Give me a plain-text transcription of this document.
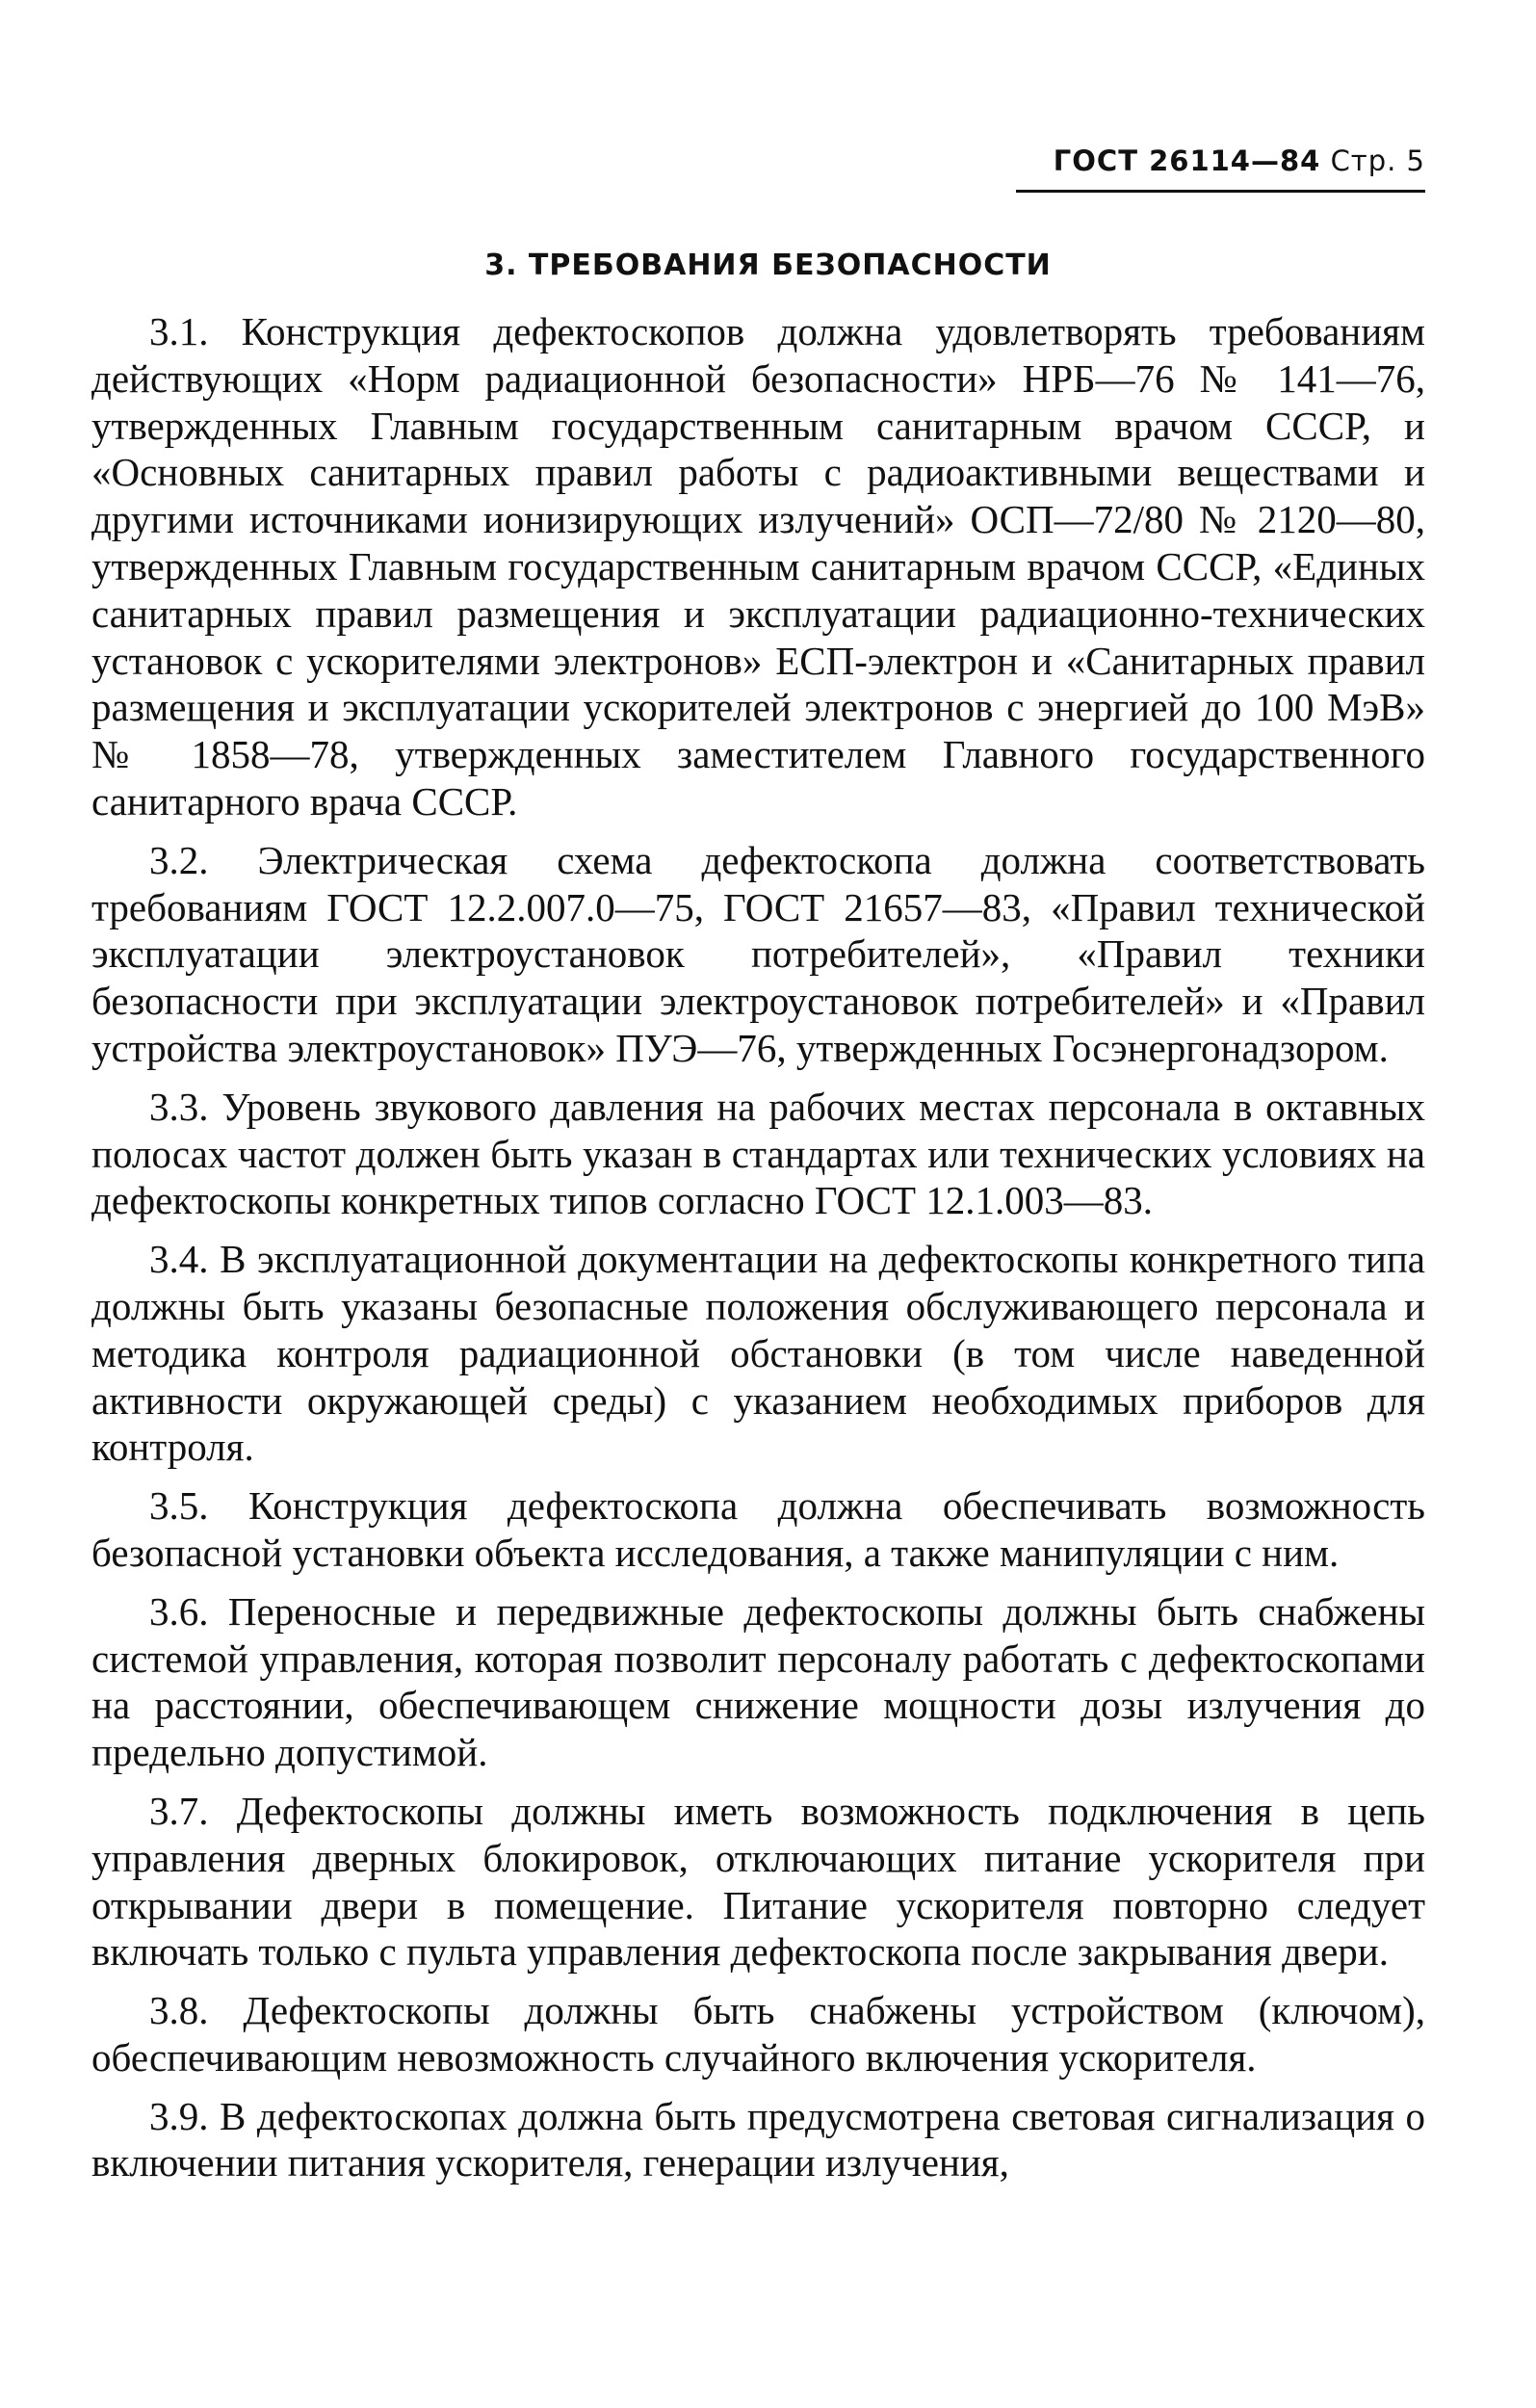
ГОСТ 26114—84 Стр. 5
3. ТРЕБОВАНИЯ БЕЗОПАСНОСТИ

3.1. Конструкция дефектоскопов должна удовлетворять требованиям действующих «Норм радиационной безопасности» НРБ—76 № 141—76, утвержденных Главным государственным санитарным врачом СССР, и «Основных санитарных правил работы с радиоактивными веществами и другими источниками ионизирующих излучений» ОСП—72/80 № 2120—80, утвержденных Главным государственным санитарным врачом СССР, «Единых санитарных правил размещения и эксплуатации радиационно-технических установок с ускорителями электронов» ЕСП-электрон и «Санитарных правил размещения и эксплуатации ускорителей электронов с энергией до 100 МэВ» № 1858—78, утвержденных заместителем Главного государственного санитарного врача СССР.

3.2. Электрическая схема дефектоскопа должна соответствовать требованиям ГОСТ 12.2.007.0—75, ГОСТ 21657—83, «Правил технической эксплуатации электроустановок потребителей», «Правил техники безопасности при эксплуатации электроустановок потребителей» и «Правил устройства электроустановок» ПУЭ—76, утвержденных Госэнергонадзором.

3.3. Уровень звукового давления на рабочих местах персонала в октавных полосах частот должен быть указан в стандартах или технических условиях на дефектоскопы конкретных типов согласно ГОСТ 12.1.003—83.

3.4. В эксплуатационной документации на дефектоскопы конкретного типа должны быть указаны безопасные положения обслуживающего персонала и методика контроля радиационной обстановки (в том числе наведенной активности окружающей среды) с указанием необходимых приборов для контроля.

3.5. Конструкция дефектоскопа должна обеспечивать возможность безопасной установки объекта исследования, а также манипуляции с ним.

3.6. Переносные и передвижные дефектоскопы должны быть снабжены системой управления, которая позволит персоналу работать с дефектоскопами на расстоянии, обеспечивающем снижение мощности дозы излучения до предельно допустимой.

3.7. Дефектоскопы должны иметь возможность подключения в цепь управления дверных блокировок, отключающих питание ускорителя при открывании двери в помещение. Питание ускорителя повторно следует включать только с пульта управления дефектоскопа после закрывания двери.

3.8. Дефектоскопы должны быть снабжены устройством (ключом), обеспечивающим невозможность случайного включения ускорителя.

3.9. В дефектоскопах должна быть предусмотрена световая сигнализация о включении питания ускорителя, генерации излучения,
